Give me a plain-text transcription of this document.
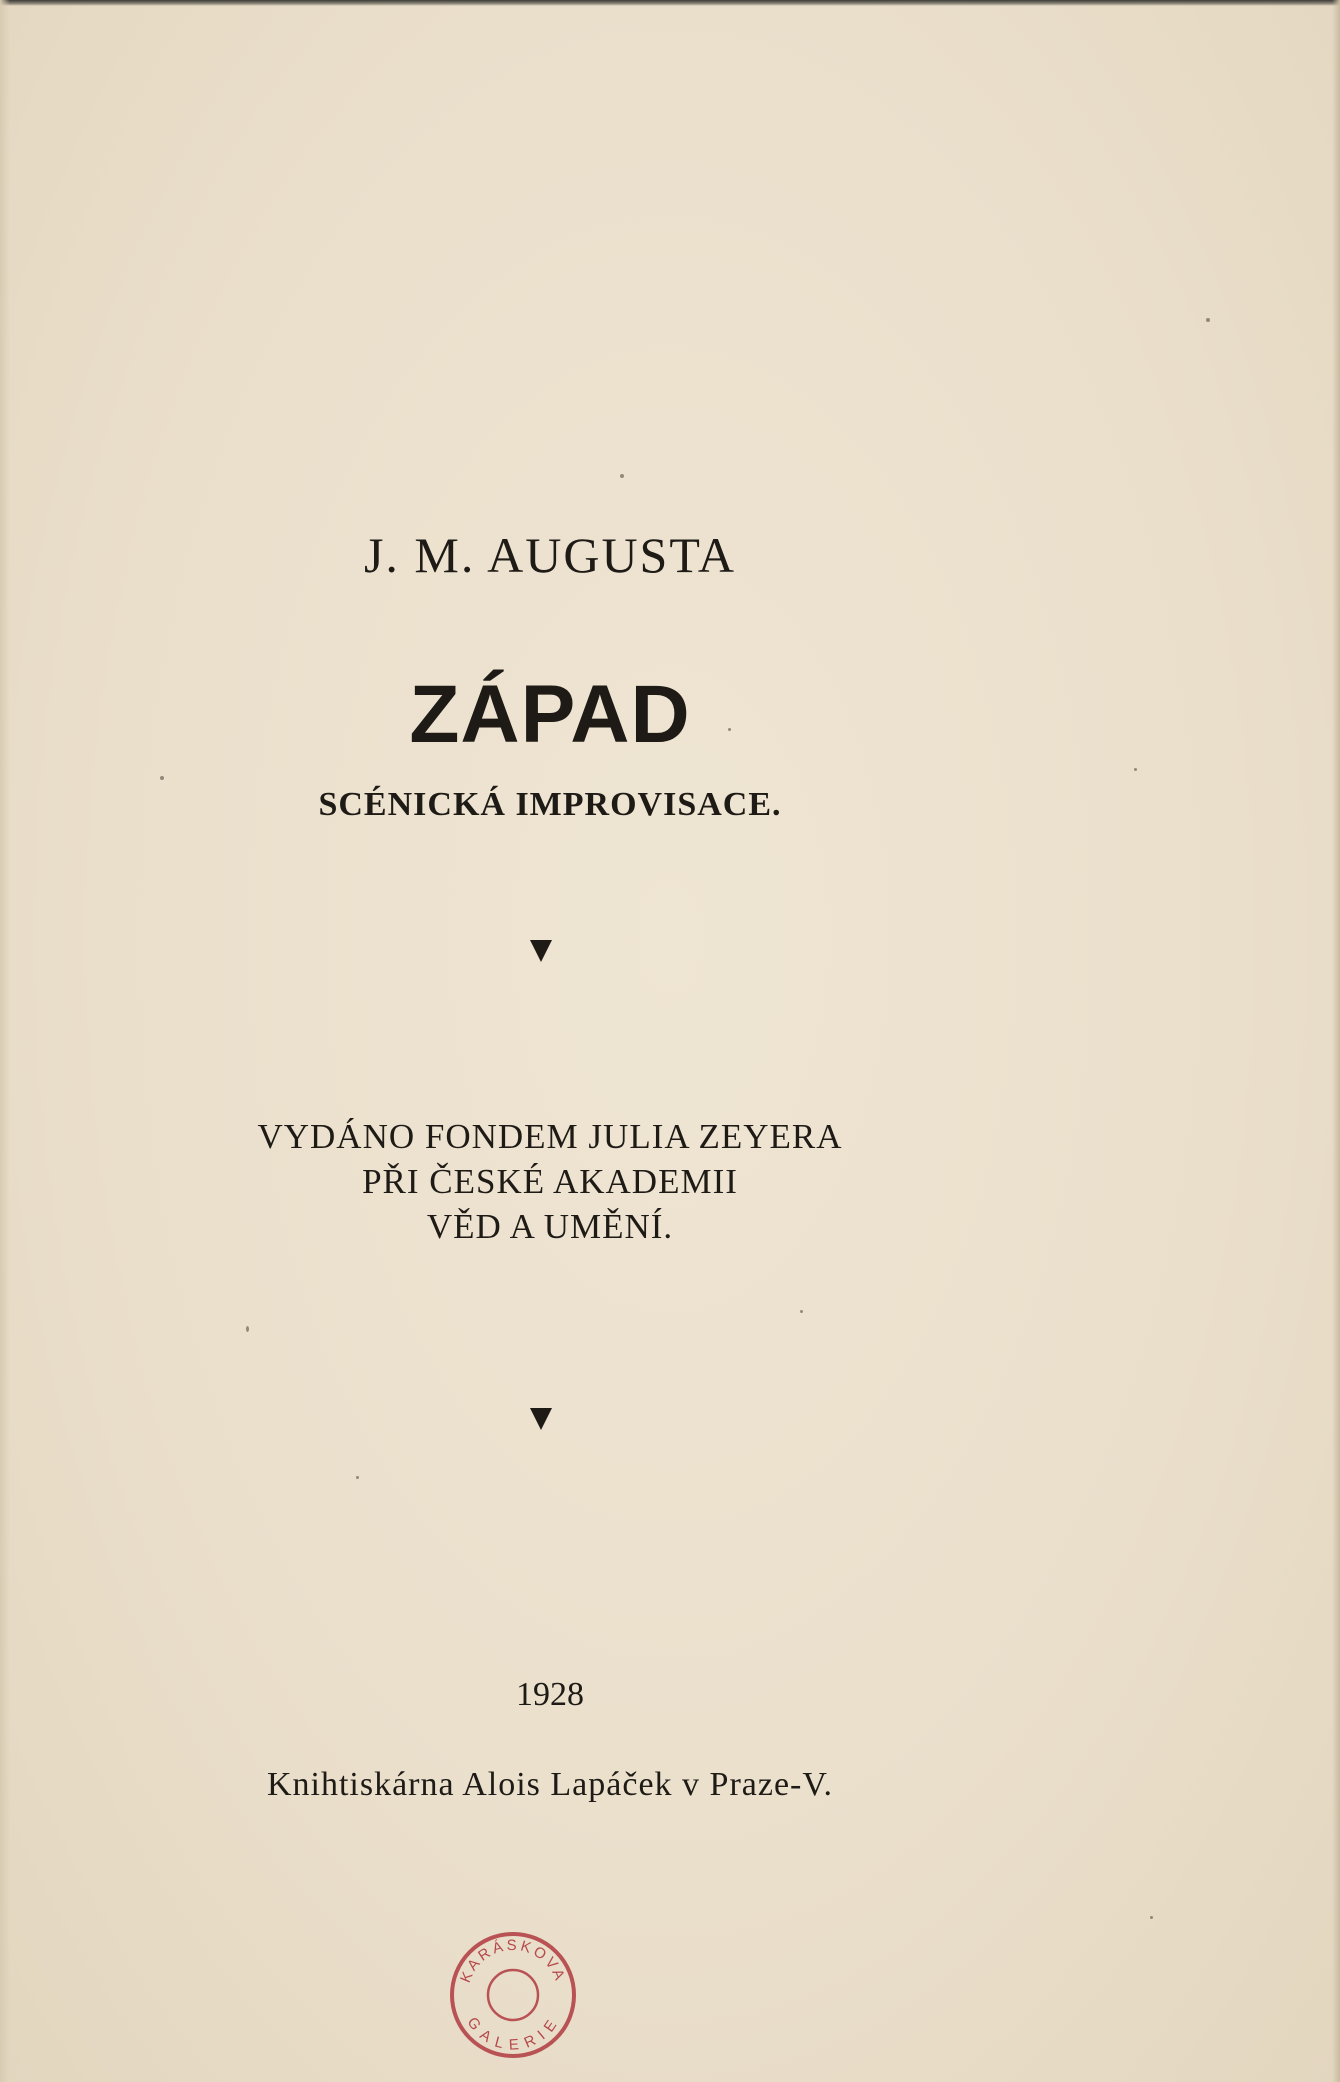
J. M. AUGUSTA
ZÁPAD
SCÉNICKÁ IMPROVISACE.
VYDÁNO FONDEM JULIA ZEYERA
PŘI ČESKÉ AKADEMII
VĚD A UMĚNÍ.
1928
Knihtiskárna Alois Lapáček v Praze-V.
KARÁSKOVA
GALERIE
